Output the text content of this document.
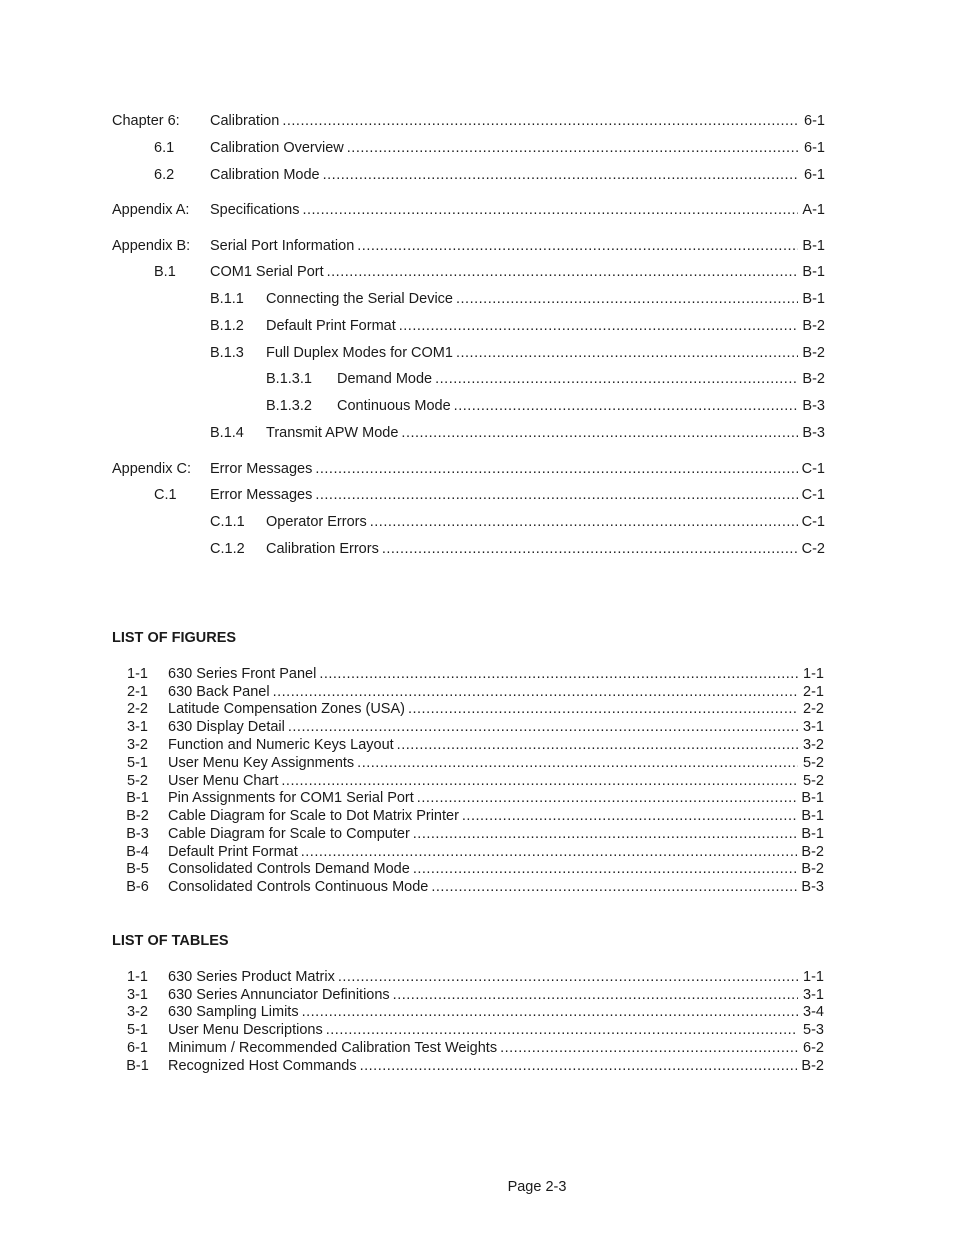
Chapter 6:	Calibration .....	6-1
6.1	Calibration Overview .....	6-1
6.2	Calibration Mode .....	6-1
Appendix A:	Specifications .....	A-1
Appendix B:	Serial Port Information .....	B-1
B.1	COM1 Serial Port .....	B-1
B.1.1	Connecting the Serial Device .....	B-1
B.1.2	Default Print Format .....	B-2
B.1.3	Full Duplex Modes for COM1 .....	B-2
B.1.3.1	Demand Mode .....	B-2
B.1.3.2	Continuous Mode .....	B-3
B.1.4	Transmit APW Mode .....	B-3
Appendix C:	Error Messages .....	C-1
C.1	Error Messages .....	C-1
C.1.1	Operator Errors .....	C-1
C.1.2	Calibration Errors .....	C-2
LIST OF FIGURES
1-1	630 Series Front Panel .....	1-1
2-1	630 Back Panel .....	2-1
2-2	Latitude Compensation Zones (USA) .....	2-2
3-1	630 Display Detail .....	3-1
3-2	Function and Numeric Keys Layout .....	3-2
5-1	User Menu Key Assignments .....	5-2
5-2	User Menu Chart .....	5-2
B-1	Pin Assignments for COM1 Serial Port .....	B-1
B-2	Cable Diagram for Scale to Dot Matrix Printer .....	B-1
B-3	Cable Diagram for Scale to Computer .....	B-1
B-4	Default Print Format .....	B-2
B-5	Consolidated Controls Demand Mode .....	B-2
B-6	Consolidated Controls Continuous Mode .....	B-3
LIST OF TABLES
1-1	630 Series Product Matrix .....	1-1
3-1	630 Series Annunciator Definitions .....	3-1
3-2	630 Sampling Limits .....	3-4
5-1	User Menu Descriptions .....	5-3
6-1	Minimum / Recommended Calibration Test Weights .....	6-2
B-1	Recognized Host Commands .....	B-2
Page 2-3
